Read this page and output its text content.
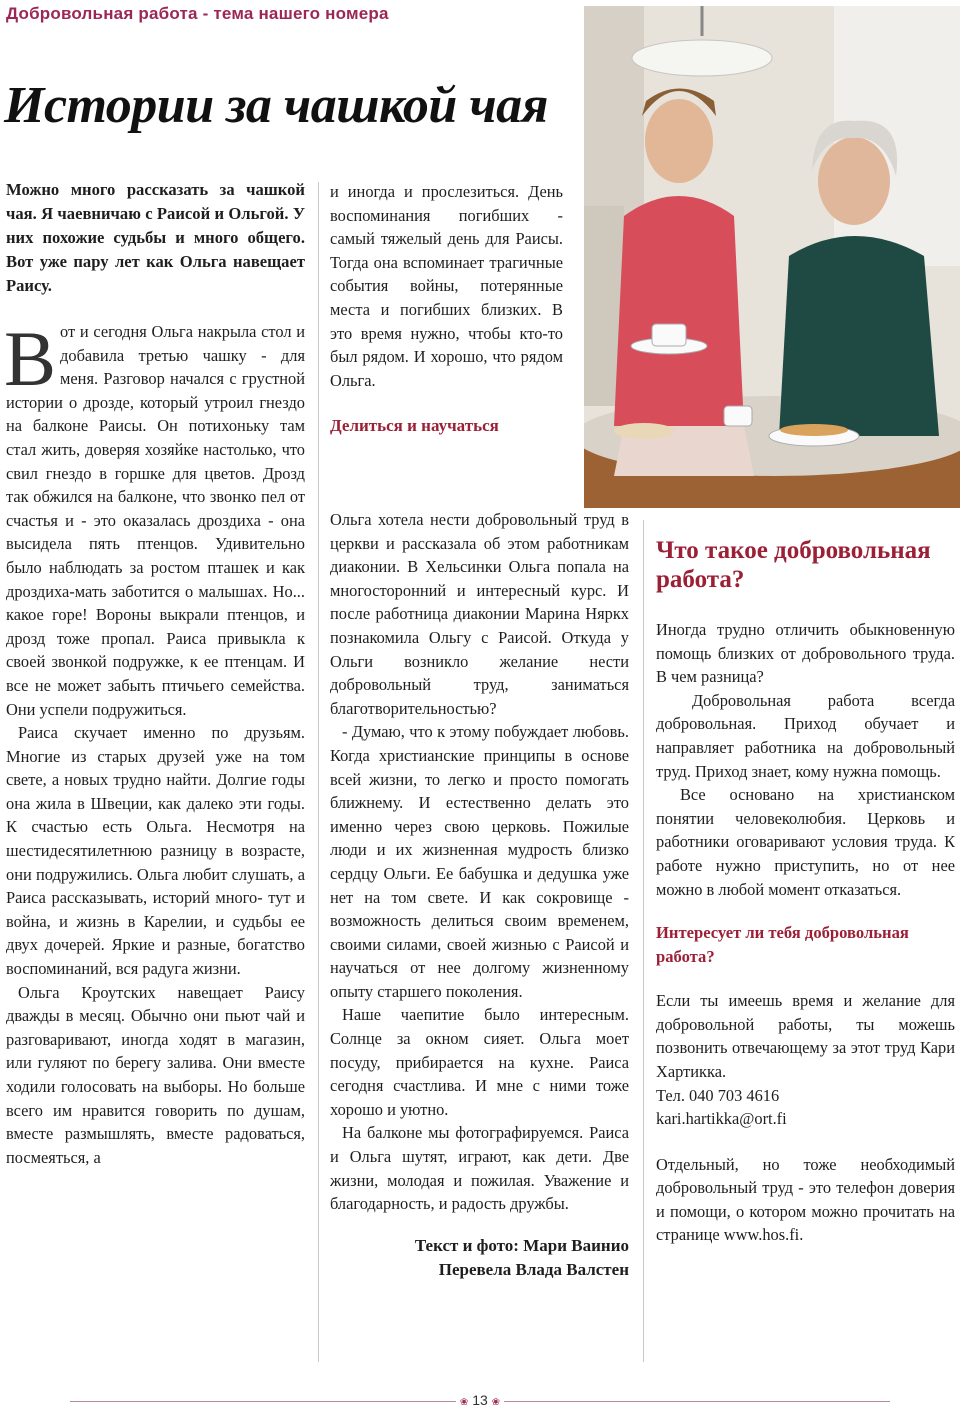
Добровольная работа - тема нашего номера
Истории за чашкой чая

Можно много рассказать за чашкой чая. Я чаевничаю с Раисой и Ольгой. У них похожие судьбы и много общего. Вот уже пару лет как Ольга навещает Раису.

Вот и сегодня Ольга накрыла стол и добавила третью чашку - для меня. Разговор начался с грустной истории о дрозде, который утроил гнездо на балконе Раисы. Он потихоньку там стал жить, доверяя хозяйке настолько, что свил гнездо в горшке для цветов. Дрозд так обжился на балконе, что звонко пел от счастья и - это оказалась дроздиха - она высидела пять птенцов. Удивительно было наблюдать за ростом пташек и как дроздиха-мать заботится о малышах. Но... какое горе! Вороны выкрали птенцов, и дрозд тоже пропал. Раиса привыкла к своей звонкой подружке, к ее птенцам. И все не может забыть птичьего семейства. Они успели подружиться.

Раиса скучает именно по друзьям. Многие из старых друзей уже на том свете, а новых трудно найти. Долгие годы она жила в Швеции, как далеко эти годы. К счастью есть Ольга. Несмотря на шестидесятилетнюю разницу в возрасте, они подружились. Ольга любит слушать, а Раиса рассказывать, историй много- тут и война, и жизнь в Карелии, и судьбы ее двух дочерей. Яркие и разные, богатство воспоминаний, вся радуга жизни.

Ольга Кроутских навещает Раису дважды в месяц. Обычно они пьют чай и разговаривают, иногда ходят в магазин, или гуляют по берегу залива. Они вместе ходили голосовать на выборы. Но больше всего им нравится говорить по душам, вместе размышлять, вместе радоваться, посмеяться, а

и иногда и прослезиться. День воспоминания погибших - самый тяжелый день для Раисы. Тогда она вспоминает трагичные события войны, потерянные места и погибших близких. В это время нужно, чтобы кто-то был рядом. И хорошо, что рядом Ольга.

Делиться и научаться

Ольга хотела нести добровольный труд в церкви и рассказала об этом работникам диаконии. В Хельсинки Ольга попала на многосторонний и интересный курс. И после работница диаконии Марина Няркх познакомила Ольгу с Раисой. Откуда у Ольги возникло желание нести добровольный труд, заниматься благотворительностью?

- Думаю, что к этому побуждает любовь. Когда христианские принципы в основе всей жизни, то легко и просто помогать ближнему. И естественно делать это именно через свою церковь. Пожилые люди и их жизненная мудрость близко сердцу Ольги. Ее бабушка и дедушка уже нет на том свете. И как сокровище - возможность делиться своим временем, своими силами, своей жизнью с Раисой и научаться от нее долгому жизненному опыту старшего поколения.

Наше чаепитие было интересным. Солнце за окном сияет. Ольга моет посуду, прибирается на кухне. Раиса сегодня счастлива. И мне с ними тоже хорошо и уютно.

На балконе мы фотографируемся. Раиса и Ольга шутят, играют, как дети. Две жизни, молодая и пожилая. Уважение и благодарность, и радость дружбы.

Текст и фото: Мари Ваинио
Перевела Влада Валстен

Что такое добровольная работа?

Иногда трудно отличить обыкновенную помощь близких от добровольного труда. В чем разница?

Добровольная работа всегда добровольная. Приход обучает и направляет работника на добровольный труд. Приход знает, кому нужна помощь.

Все основано на христианском понятии человеколюбия. Церковь и работники оговаривают условия труда. К работе нужно приступить, но от нее можно в любой момент отказаться.

Интересует ли тебя добровольная работа?

Если ты имеешь время и желание для добровольной работы, ты можешь позвонить отвечающему за этот труд Кари Хартикка.

Тел. 040 703 4616

kari.hartikka@ort.fi

Отдельный, но тоже необходимый добровольный труд - это телефон доверия и помощи, о котором можно прочитать на странице www.hos.fi.

❀ 13 ❀
